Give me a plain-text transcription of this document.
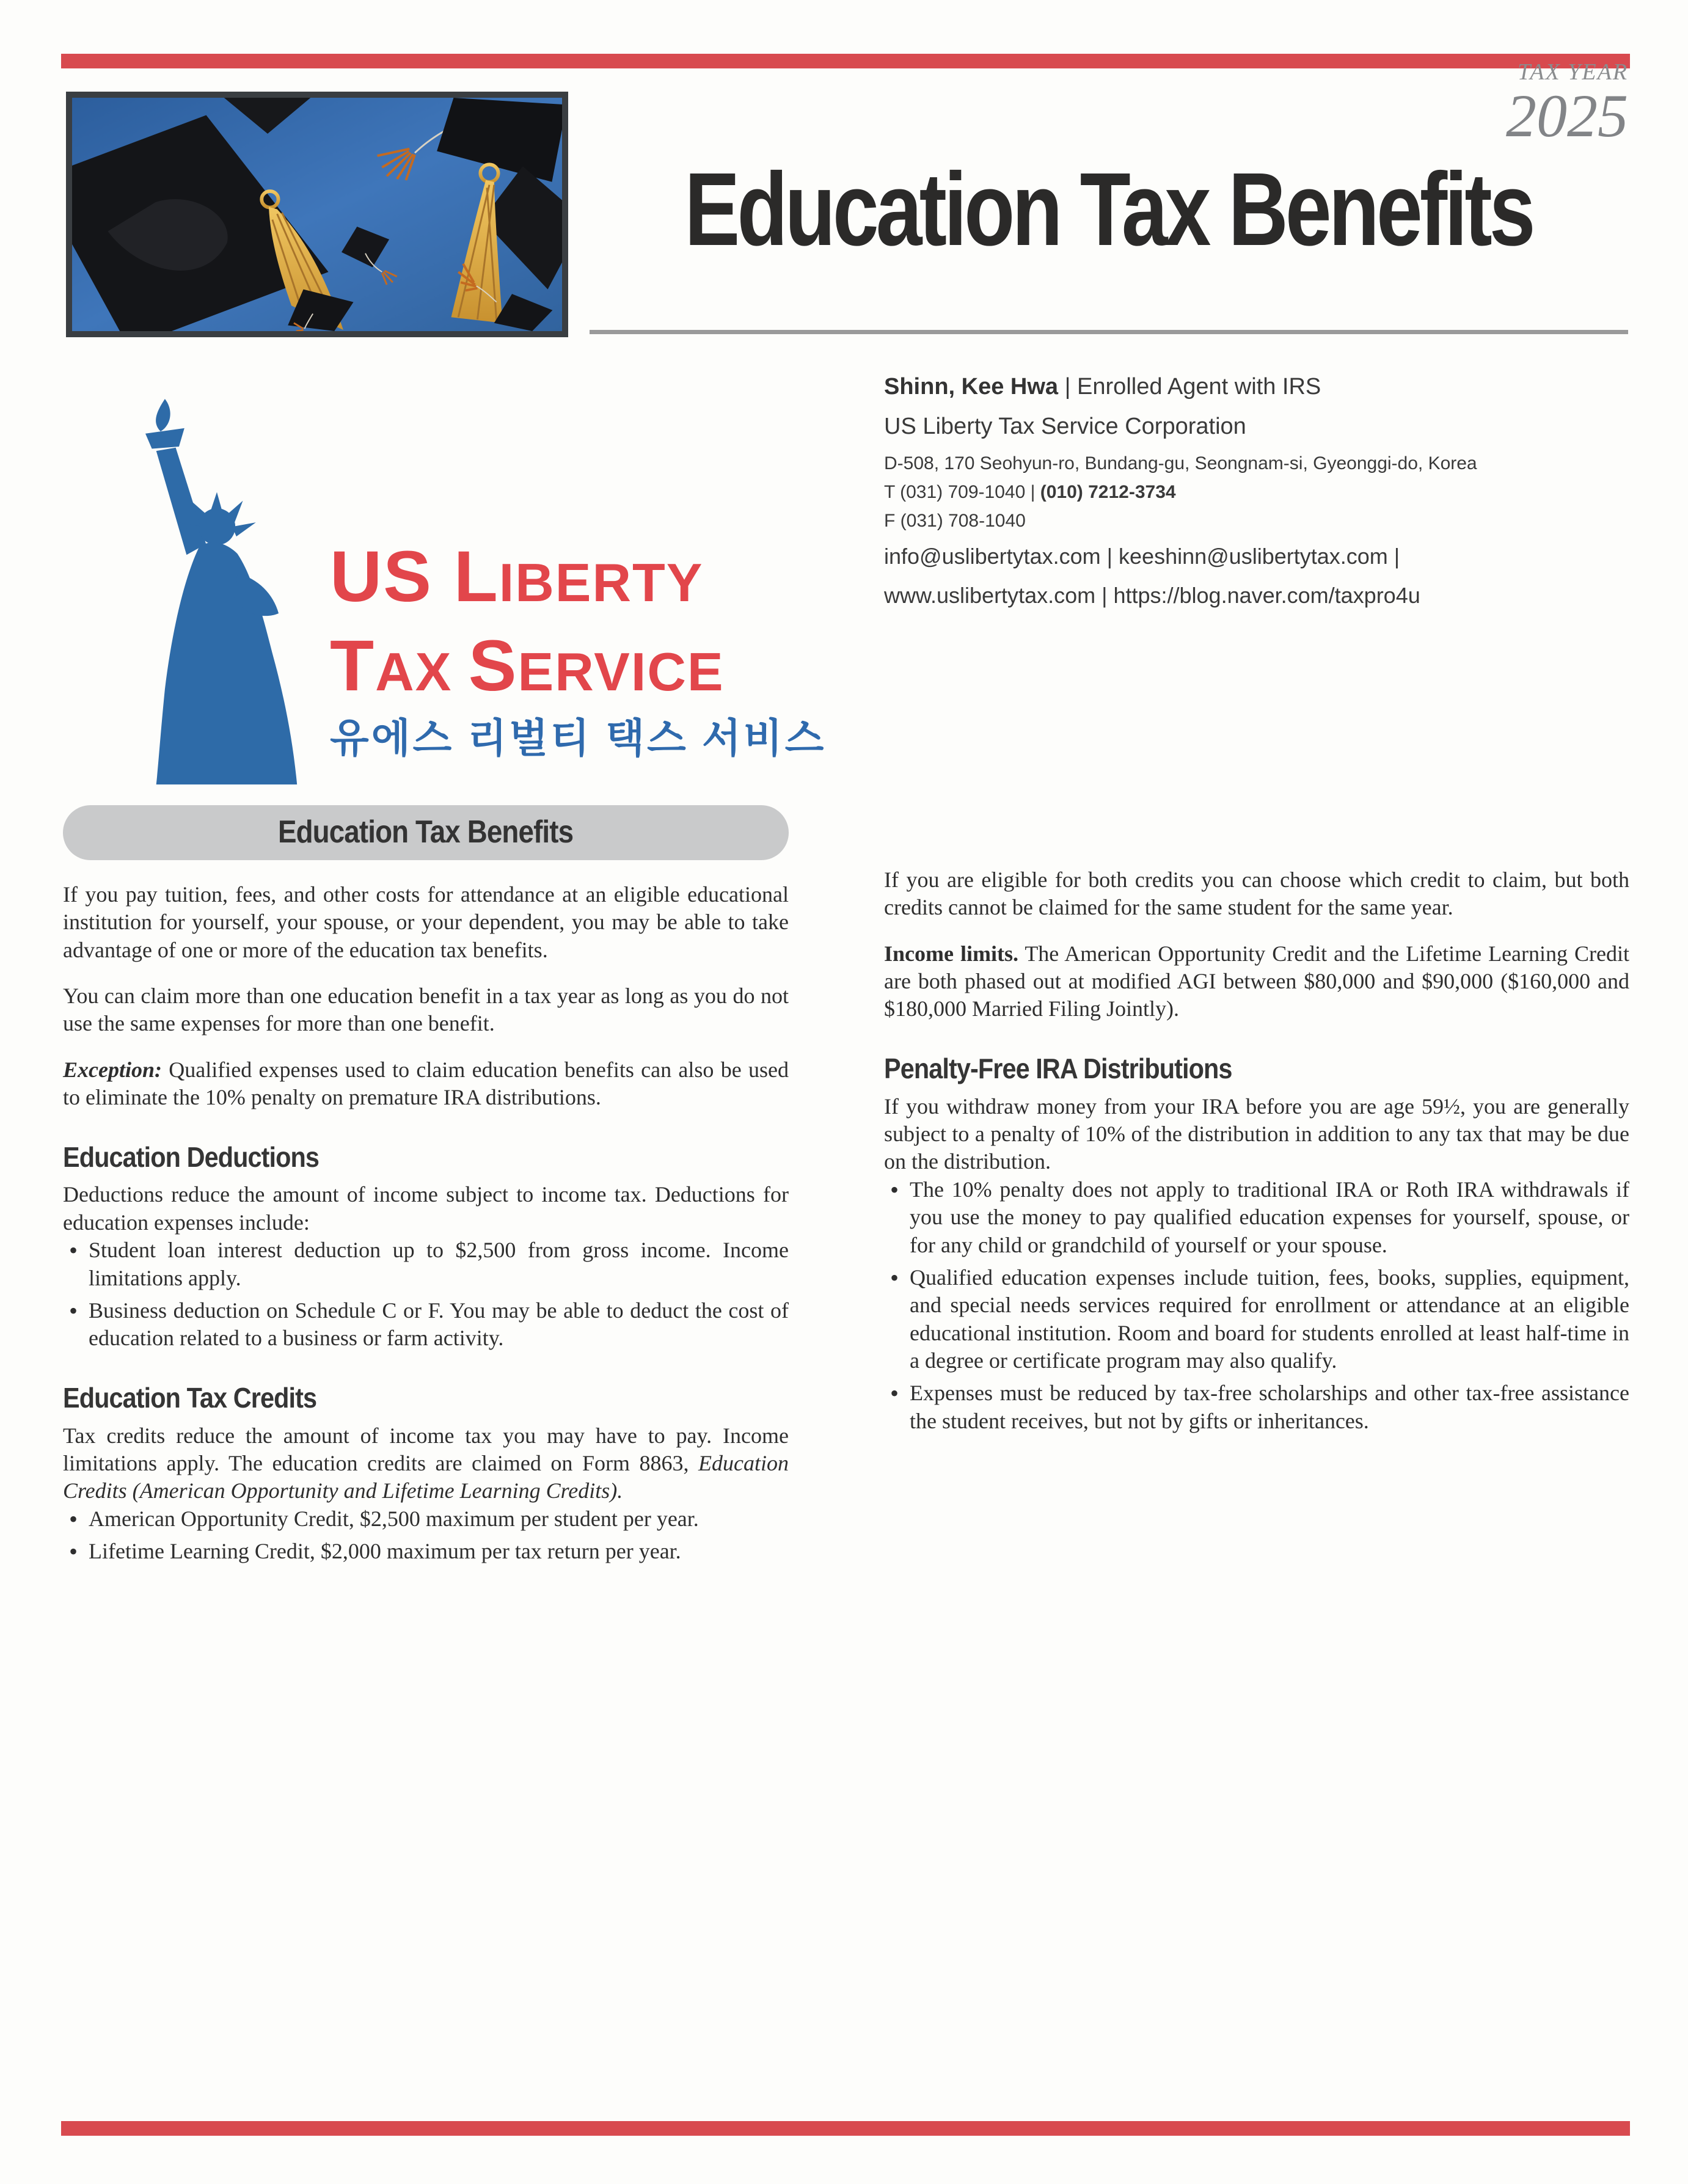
TAX YEAR
2025
Education Tax Benefits
Shinn, Kee Hwa | Enrolled Agent with IRS
US Liberty Tax Service Corporation
D-508, 170 Seohyun-ro, Bundang-gu, Seongnam-si, Gyeonggi-do, Korea
T (031) 709-1040 | (010) 7212-3734
F (031) 708-1040
info@uslibertytax.com | keeshinn@uslibertytax.com |
www.uslibertytax.com | https://blog.naver.com/taxpro4u
US LIBERTY
TAX SERVICE
유에스 리벌티 택스 서비스
Education Tax Benefits

If you pay tuition, fees, and other costs for attendance at an eligible educational institution for yourself, your spouse, or your dependent, you may be able to take advantage of one or more of the education tax benefits.

You can claim more than one education benefit in a tax year as long as you do not use the same expenses for more than one benefit.

Exception: Qualified expenses used to claim education benefits can also be used to eliminate the 10% penalty on premature IRA distributions.

Education Deductions

Deductions reduce the amount of income subject to income tax. Deductions for education expenses include:

• Student loan interest deduction up to $2,500 from gross income. Income limitations apply.
• Business deduction on Schedule C or F. You may be able to deduct the cost of education related to a business or farm activity.
Education Tax Credits

Tax credits reduce the amount of income tax you may have to pay. Income limitations apply. The education credits are claimed on Form 8863, Education Credits (American Opportunity and Lifetime Learning Credits).

• American Opportunity Credit, $2,500 maximum per student per year.
• Lifetime Learning Credit, $2,000 maximum per tax return per year.

If you are eligible for both credits you can choose which credit to claim, but both credits cannot be claimed for the same student for the same year.

Income limits. The American Opportunity Credit and the Lifetime Learning Credit are both phased out at modified AGI between $80,000 and $90,000 ($160,000 and $180,000 Married Filing Jointly).

Penalty-Free IRA Distributions

If you withdraw money from your IRA before you are age 59½, you are generally subject to a penalty of 10% of the distribution in addition to any tax that may be due on the distribution.

• The 10% penalty does not apply to traditional IRA or Roth IRA withdrawals if you use the money to pay qualified education expenses for yourself, spouse, or for any child or grandchild of yourself or your spouse.
• Qualified education expenses include tuition, fees, books, supplies, equipment, and special needs services required for enrollment or attendance at an eligible educational institution. Room and board for students enrolled at least half-time in a degree or certificate program may also qualify.
• Expenses must be reduced by tax-free scholarships and other tax-free assistance the student receives, but not by gifts or inheritances.
